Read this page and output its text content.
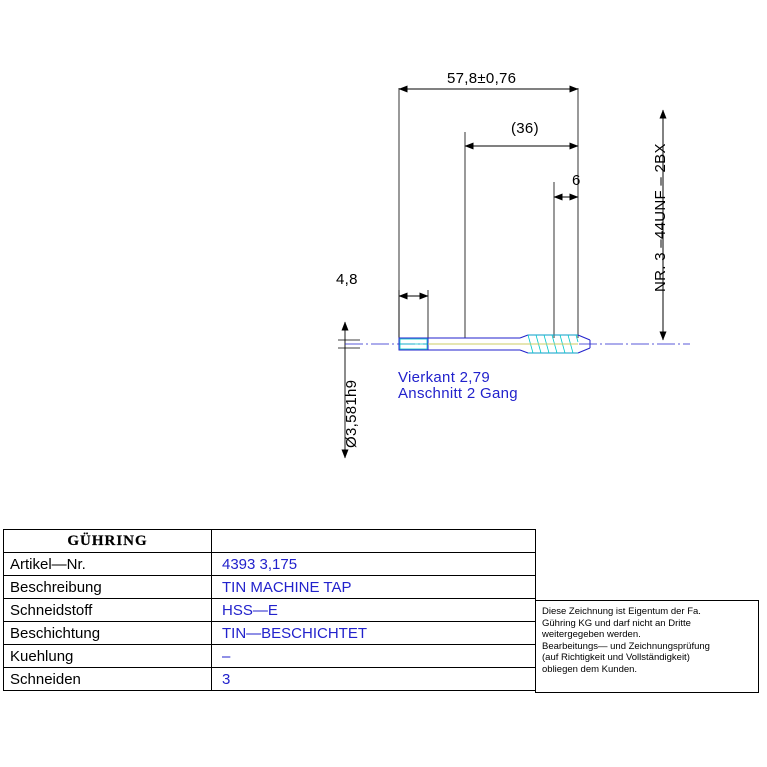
57,8±0,76
(36)
6
4,8
Ø3,581h9
NR. 3 –44UNF – 2BX
Vierkant 2,79
Anschnitt 2 Gang
GÜHRING	

Artikel—Nr.	4393 3,175
Beschreibung	TIN MACHINE TAP
Schneidstoff	HSS—E
Beschichtung	TIN—BESCHICHTET
Kuehlung	–
Schneiden	3

Diese Zeichnung ist Eigentum der Fa.

Gühring KG und darf nicht an Dritte

weitergegeben werden.

Bearbeitungs— und Zeichnungsprüfung

(auf Richtigkeit und Vollständigkeit)

obliegen dem Kunden.
